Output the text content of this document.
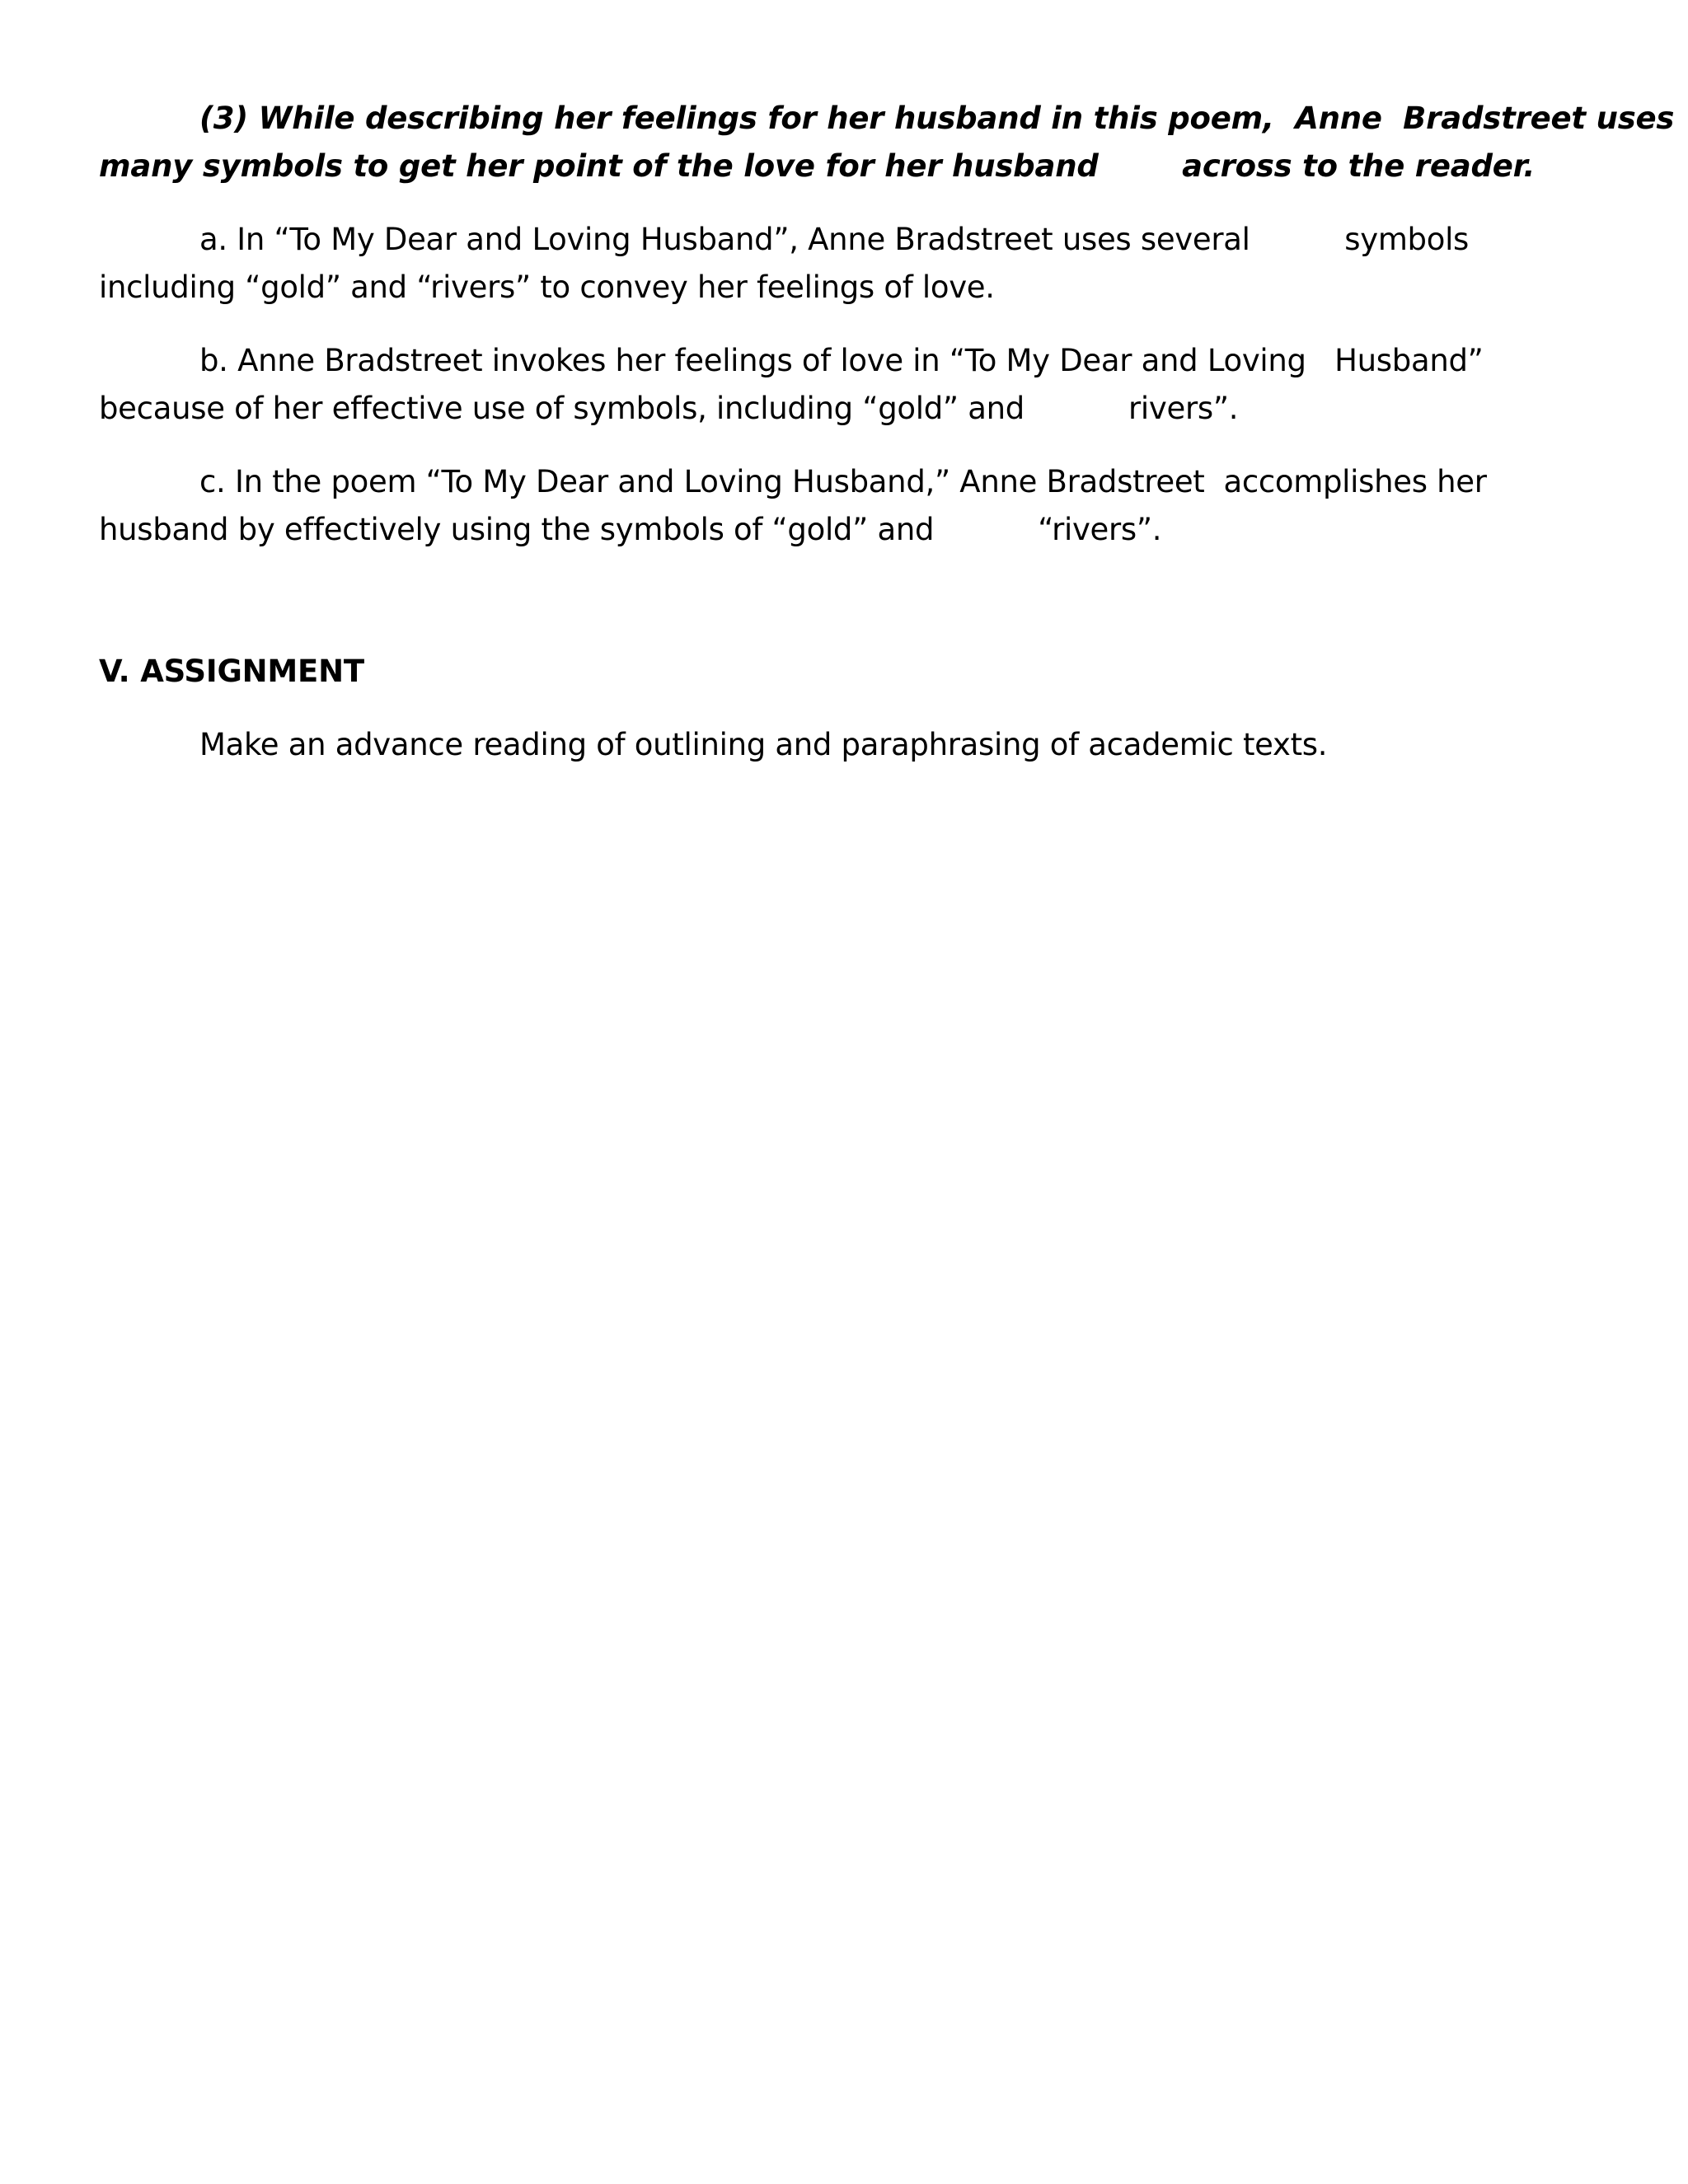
(3) While describing her feelings for her husband in this poem,  Anne  Bradstreet uses
many symbols to get her point of the love for her husband        across to the reader.
a. In “To My Dear and Loving Husband”, Anne Bradstreet uses several          symbols
including “gold” and “rivers” to convey her feelings of love.
b. Anne Bradstreet invokes her feelings of love in “To My Dear and Loving   Husband”
because of her effective use of symbols, including “gold” and           rivers”.
c. In the poem “To My Dear and Loving Husband,” Anne Bradstreet  accomplishes her
husband by effectively using the symbols of “gold” and           “rivers”.
V. ASSIGNMENT
Make an advance reading of outlining and paraphrasing of academic texts.
